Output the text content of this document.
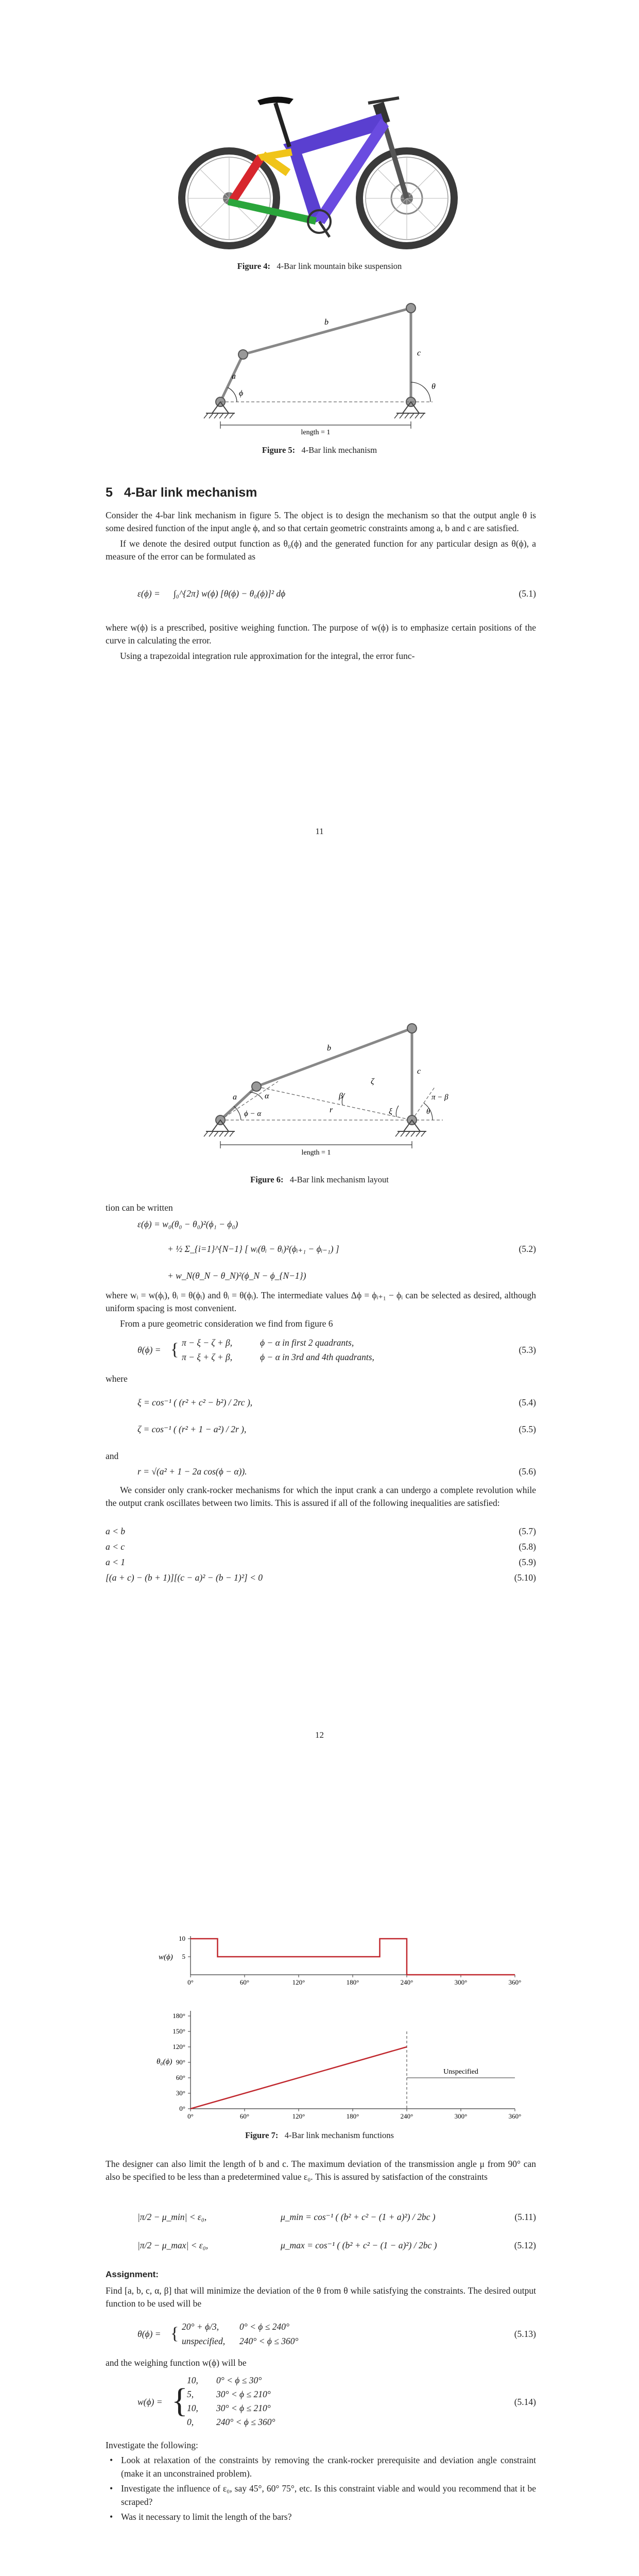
Figure 4: 4-Bar link mountain bike suspension
a
b
c
ϕ
θ
length = 1
Figure 5: 4-Bar link mechanism
5 4-Bar link mechanism

Consider the 4-bar link mechanism in figure 5. The object is to design the mechanism so that the output angle θ is some desired function of the input angle ϕ, and so that certain geometric constraints among a, b and c are satisfied.

If we denote the desired output function as θ₀(ϕ) and the generated function for any particular design as θ(ϕ), a measure of the error can be formulated as

ε(ϕ) = ∫₀^{2π} w(ϕ) [θ(ϕ) − θ₀(ϕ)]² dϕ	(5.1)

where w(ϕ) is a prescribed, positive weighing function. The purpose of w(ϕ) is to emphasize certain positions of the curve in calculating the error.

Using a trapezoidal integration rule approximation for the integral, the error func-

11
b
c
a
r
ζ
ξ
β
α
ϕ − α
π − β
θ
length = 1
Figure 6: 4-Bar link mechanism layout

tion can be written

ε(ϕ) = w₀(θ₀ − θ₀)²(ϕ₁ − ϕ₀)
+ ½ Σ_{i=1}^{N−1} [ wᵢ(θᵢ − θᵢ)²(ϕᵢ₊₁ − ϕᵢ₋₁) ]
+ w_N(θ_N − θ_N)²(ϕ_N − ϕ_{N−1})
(5.2)

where wᵢ = w(ϕᵢ), θᵢ = θ(ϕᵢ) and θᵢ = θ(ϕᵢ). The intermediate values Δϕ = ϕᵢ₊₁ − ϕᵢ can be selected as desired, although uniform spacing is most convenient.

From a pure geometric consideration we find from figure 6

θ(ϕ) = { π − ξ − ζ + β,	ϕ − α in first 2 quadrants,
π − ξ + ζ + β,	ϕ − α in 3rd and 4th quadrants,
(5.3)

where

ξ = cos⁻¹ ( (r² + c² − b²) / 2rc ),	(5.4)
ζ = cos⁻¹ ( (r² + 1 − a²) / 2r ),	(5.5)

and

r = √(a² + 1 − 2a cos(ϕ − α)).	(5.6)

We consider only crank-rocker mechanisms for which the input crank a can undergo a complete revolution while the output crank oscillates between two limits. This is assured if all of the following inequalities are satisfied:

a < b	(5.7)
a < c	(5.8)
a < 1	(5.9)
[(a + c) − (b + 1)][(c − a)² − (b − 1)²] < 0	(5.10)
12
w(ϕ)
10
5
0°	60°	120°	180°	240°	300°	360°
θ₀(ϕ)
180°
150°
120°
90°
60°
30°
0°
0°	60°	120°	180°	240°	300°	360°
Unspecified
Figure 7: 4-Bar link mechanism functions

The designer can also limit the length of b and c. The maximum deviation of the transmission angle μ from 90° can also be specified to be less than a predetermined value ε₀. This is assured by satisfaction of the constraints

|π/2 − μ_min| < ε₀,	μ_min = cos⁻¹ ( (b² + c² − (1 + a)²) / 2bc )	(5.11)
|π/2 − μ_max| < ε₀,	μ_max = cos⁻¹ ( (b² + c² − (1 − a)²) / 2bc )	(5.12)
Assignment:

Find [a, b, c, α, β] that will minimize the deviation of the θ from θ while satisfying the constraints. The desired output function to be used will be

θ(ϕ) = { 20° + ϕ/3, 0° < ϕ ≤ 240°
unspecified, 240° < ϕ ≤ 360°
(5.13)

and the weighing function w(ϕ) will be

w(ϕ) = {
10, 0° < ϕ ≤ 30°
5,	30° < ϕ ≤ 210°
10, 30° < ϕ ≤ 210°
0,	240° < ϕ ≤ 360°
(5.14)

Investigate the following:

• Look at relaxation of the constraints by removing the crank-rocker prerequisite and deviation angle constraint (make it an unconstrained problem).
• Investigate the influence of ε₀, say 45°, 60° 75°, etc. Is this constraint viable and would you recommend that it be scraped?
• Was it necessary to limit the length of the bars?
